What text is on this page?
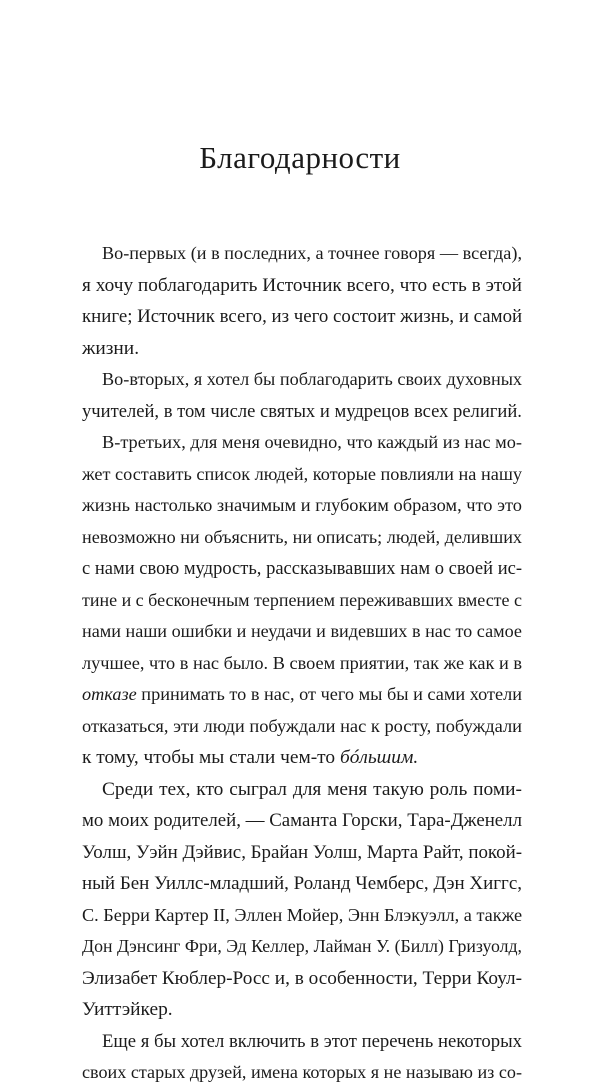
Благодарности
Во-первых (и в последних, а точнее говоря — всегда),
я хочу поблагодарить Источник всего, что есть в этой
книге; Источник всего, из чего состоит жизнь, и самой
жизни.
Во-вторых, я хотел бы поблагодарить своих духовных
учителей, в том числе святых и мудрецов всех религий.
В-третьих, для меня очевидно, что каждый из нас мо-
жет составить список людей, которые повлияли на нашу
жизнь настолько значимым и глубоким образом, что это
невозможно ни объяснить, ни описать; людей, деливших
с нами свою мудрость, рассказывавших нам о своей ис-
тине и с бесконечным терпением переживавших вместе с
нами наши ошибки и неудачи и видевших в нас то самое
лучшее, что в нас было. В своем приятии, так же как и в
отказе принимать то в нас, от чего мы бы и сами хотели
отказаться, эти люди побуждали нас к росту, побуждали
к тому, чтобы мы стали чем-то бóльшим.
Среди тех, кто сыграл для меня такую роль поми-
мо моих родителей, — Саманта Горски, Тара-Дженелл
Уолш, Уэйн Дэйвис, Брайан Уолш, Марта Райт, покой-
ный Бен Уиллс-младший, Роланд Чемберс, Дэн Хиггс,
С. Берри Картер II, Эллен Мойер, Энн Блэкуэлл, а также
Дон Дэнсинг Фри, Эд Келлер, Лайман У. (Билл) Гризуолд,
Элизабет Кюблер-Росс и, в особенности, Терри Коул-
Уиттэйкер.
Еще я бы хотел включить в этот перечень некоторых
своих старых друзей, имена которых я не называю из со-
